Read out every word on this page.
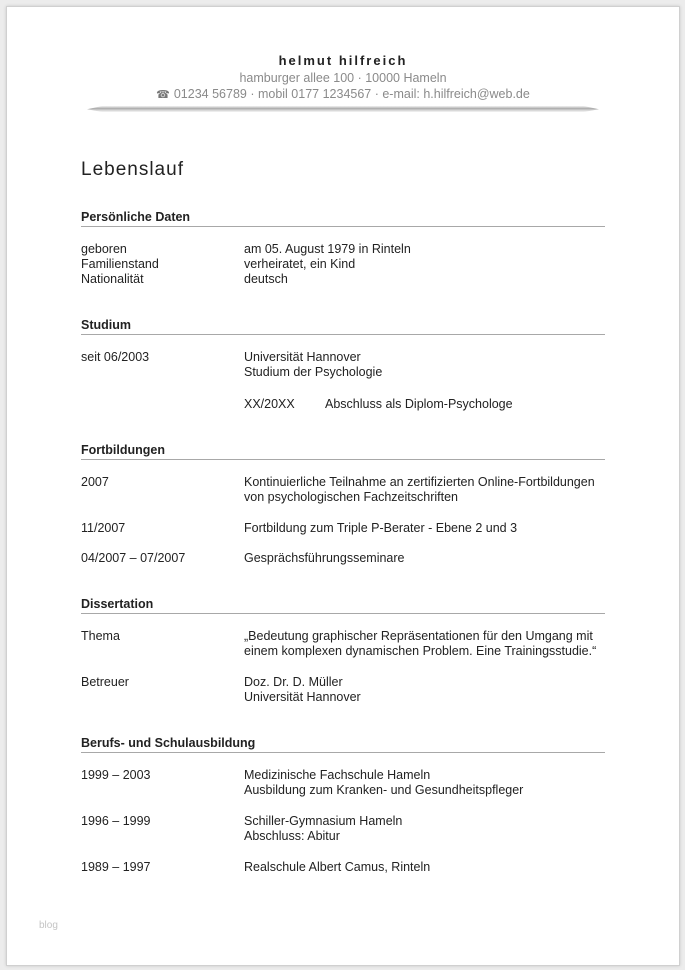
helmut hilfreich
hamburger allee 100 · 10000 Hameln
☎ 01234 56789 · mobil 0177 1234567 · e-mail: h.hilfreich@web.de
Lebenslauf
Persönliche Daten
geboren	am 05. August 1979 in Rinteln
Familienstand	verheiratet, ein Kind
Nationalität	deutsch
Studium
seit 06/2003	Universität Hannover
Studium der Psychologie
XX/20XX Abschluss als Diplom-Psychologe
Fortbildungen
2007	Kontinuierliche Teilnahme an zertifizierten Online-Fortbildungen
von psychologischen Fachzeitschriften
11/2007	Fortbildung zum Triple P-Berater - Ebene 2 und 3
04/2007 – 07/2007	Gesprächsführungsseminare
Dissertation
Thema	„Bedeutung graphischer Repräsentationen für den Umgang mit
einem komplexen dynamischen Problem. Eine Trainingsstudie.“
Betreuer	Doz. Dr. D. Müller
Universität Hannover
Berufs- und Schulausbildung
1999 – 2003	Medizinische Fachschule Hameln
Ausbildung zum Kranken- und Gesundheitspfleger
1996 – 1999	Schiller-Gymnasium Hameln
Abschluss: Abitur
1989 – 1997	Realschule Albert Camus, Rinteln
blog
